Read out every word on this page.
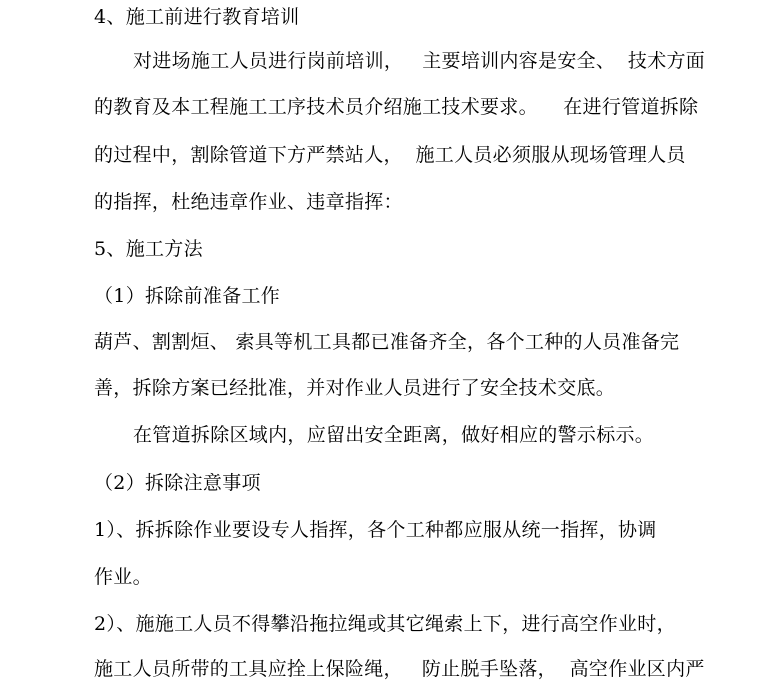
4、施工前进行教育培训
对进场施工人员进行岗前培训，   主要培训内容是安全、  技术方面
的教育及本工程施工工序技术员介绍施工技术要求。    在进行管道拆除
的过程中，割除管道下方严禁站人，  施工人员必须服从现场管理人员
的指挥，杜绝违章作业、违章指挥：
5、施工方法
（1）拆除前准备工作
葫芦、割割烜、 索具等机工具都已准备齐全，各个工种的人员准备完
善，拆除方案已经批准，并对作业人员进行了安全技术交底。
在管道拆除区域内，应留出安全距离，做好相应的警示标示。
（2）拆除注意事项
1）、拆拆除作业要设专人指挥，各个工种都应服从统一指挥，协调
作业。
2）、施施工人员不得攀沿拖拉绳或其它绳索上下，进行高空作业时，
施工人员所带的工具应拴上保险绳，   防止脱手坠落，  高空作业区内严
